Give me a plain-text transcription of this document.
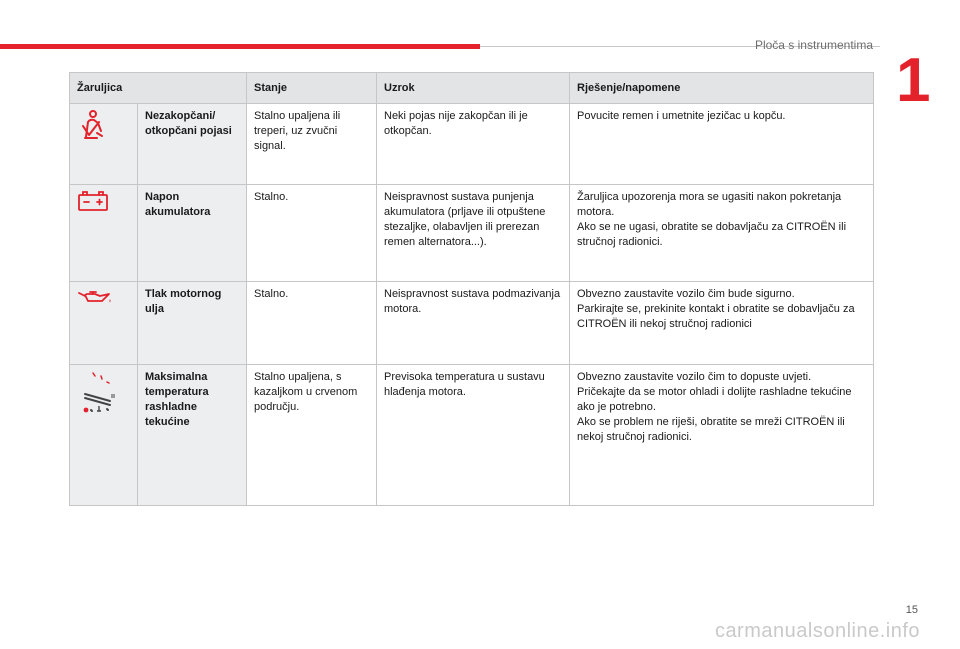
Ploča s instrumentima
1
Žaruljica		Stanje	Uzrok	Rješenje/napomene
	Nezakopčani/ otkopčani pojasi	Stalno upaljena ili treperi, uz zvučni signal.	Neki pojas nije zakopčan ili je otkopčan.	Povucite remen i umetnite jezičac u kopču.
	Napon akumulatora	Stalno.	Neispravnost sustava punjenja akumulatora (prljave ili otpuštene stezaljke, olabavljen ili prerezan remen alternatora...).	Žaruljica upozorenja mora se ugasiti nakon pokretanja motora.
Ako se ne ugasi, obratite se dobavljaču za CITROËN ili stručnoj radionici.
	Tlak motornog ulja	Stalno.	Neispravnost sustava podmazivanja motora.	Obvezno zaustavite vozilo čim bude sigurno.
Parkirajte se, prekinite kontakt i obratite se dobavljaču za CITROËN ili nekoj stručnoj radionici
	Maksimalna temperatura rashladne tekućine	Stalno upaljena, s kazaljkom u crvenom području.	Previsoka temperatura u sustavu hlađenja motora.	Obvezno zaustavite vozilo čim to dopuste uvjeti.
Pričekajte da se motor ohladi i dolijte rashladne tekućine ako je potrebno.
Ako se problem ne riješi, obratite se mreži CITROËN ili nekoj stručnoj radionici.
15
carmanualsonline.info
